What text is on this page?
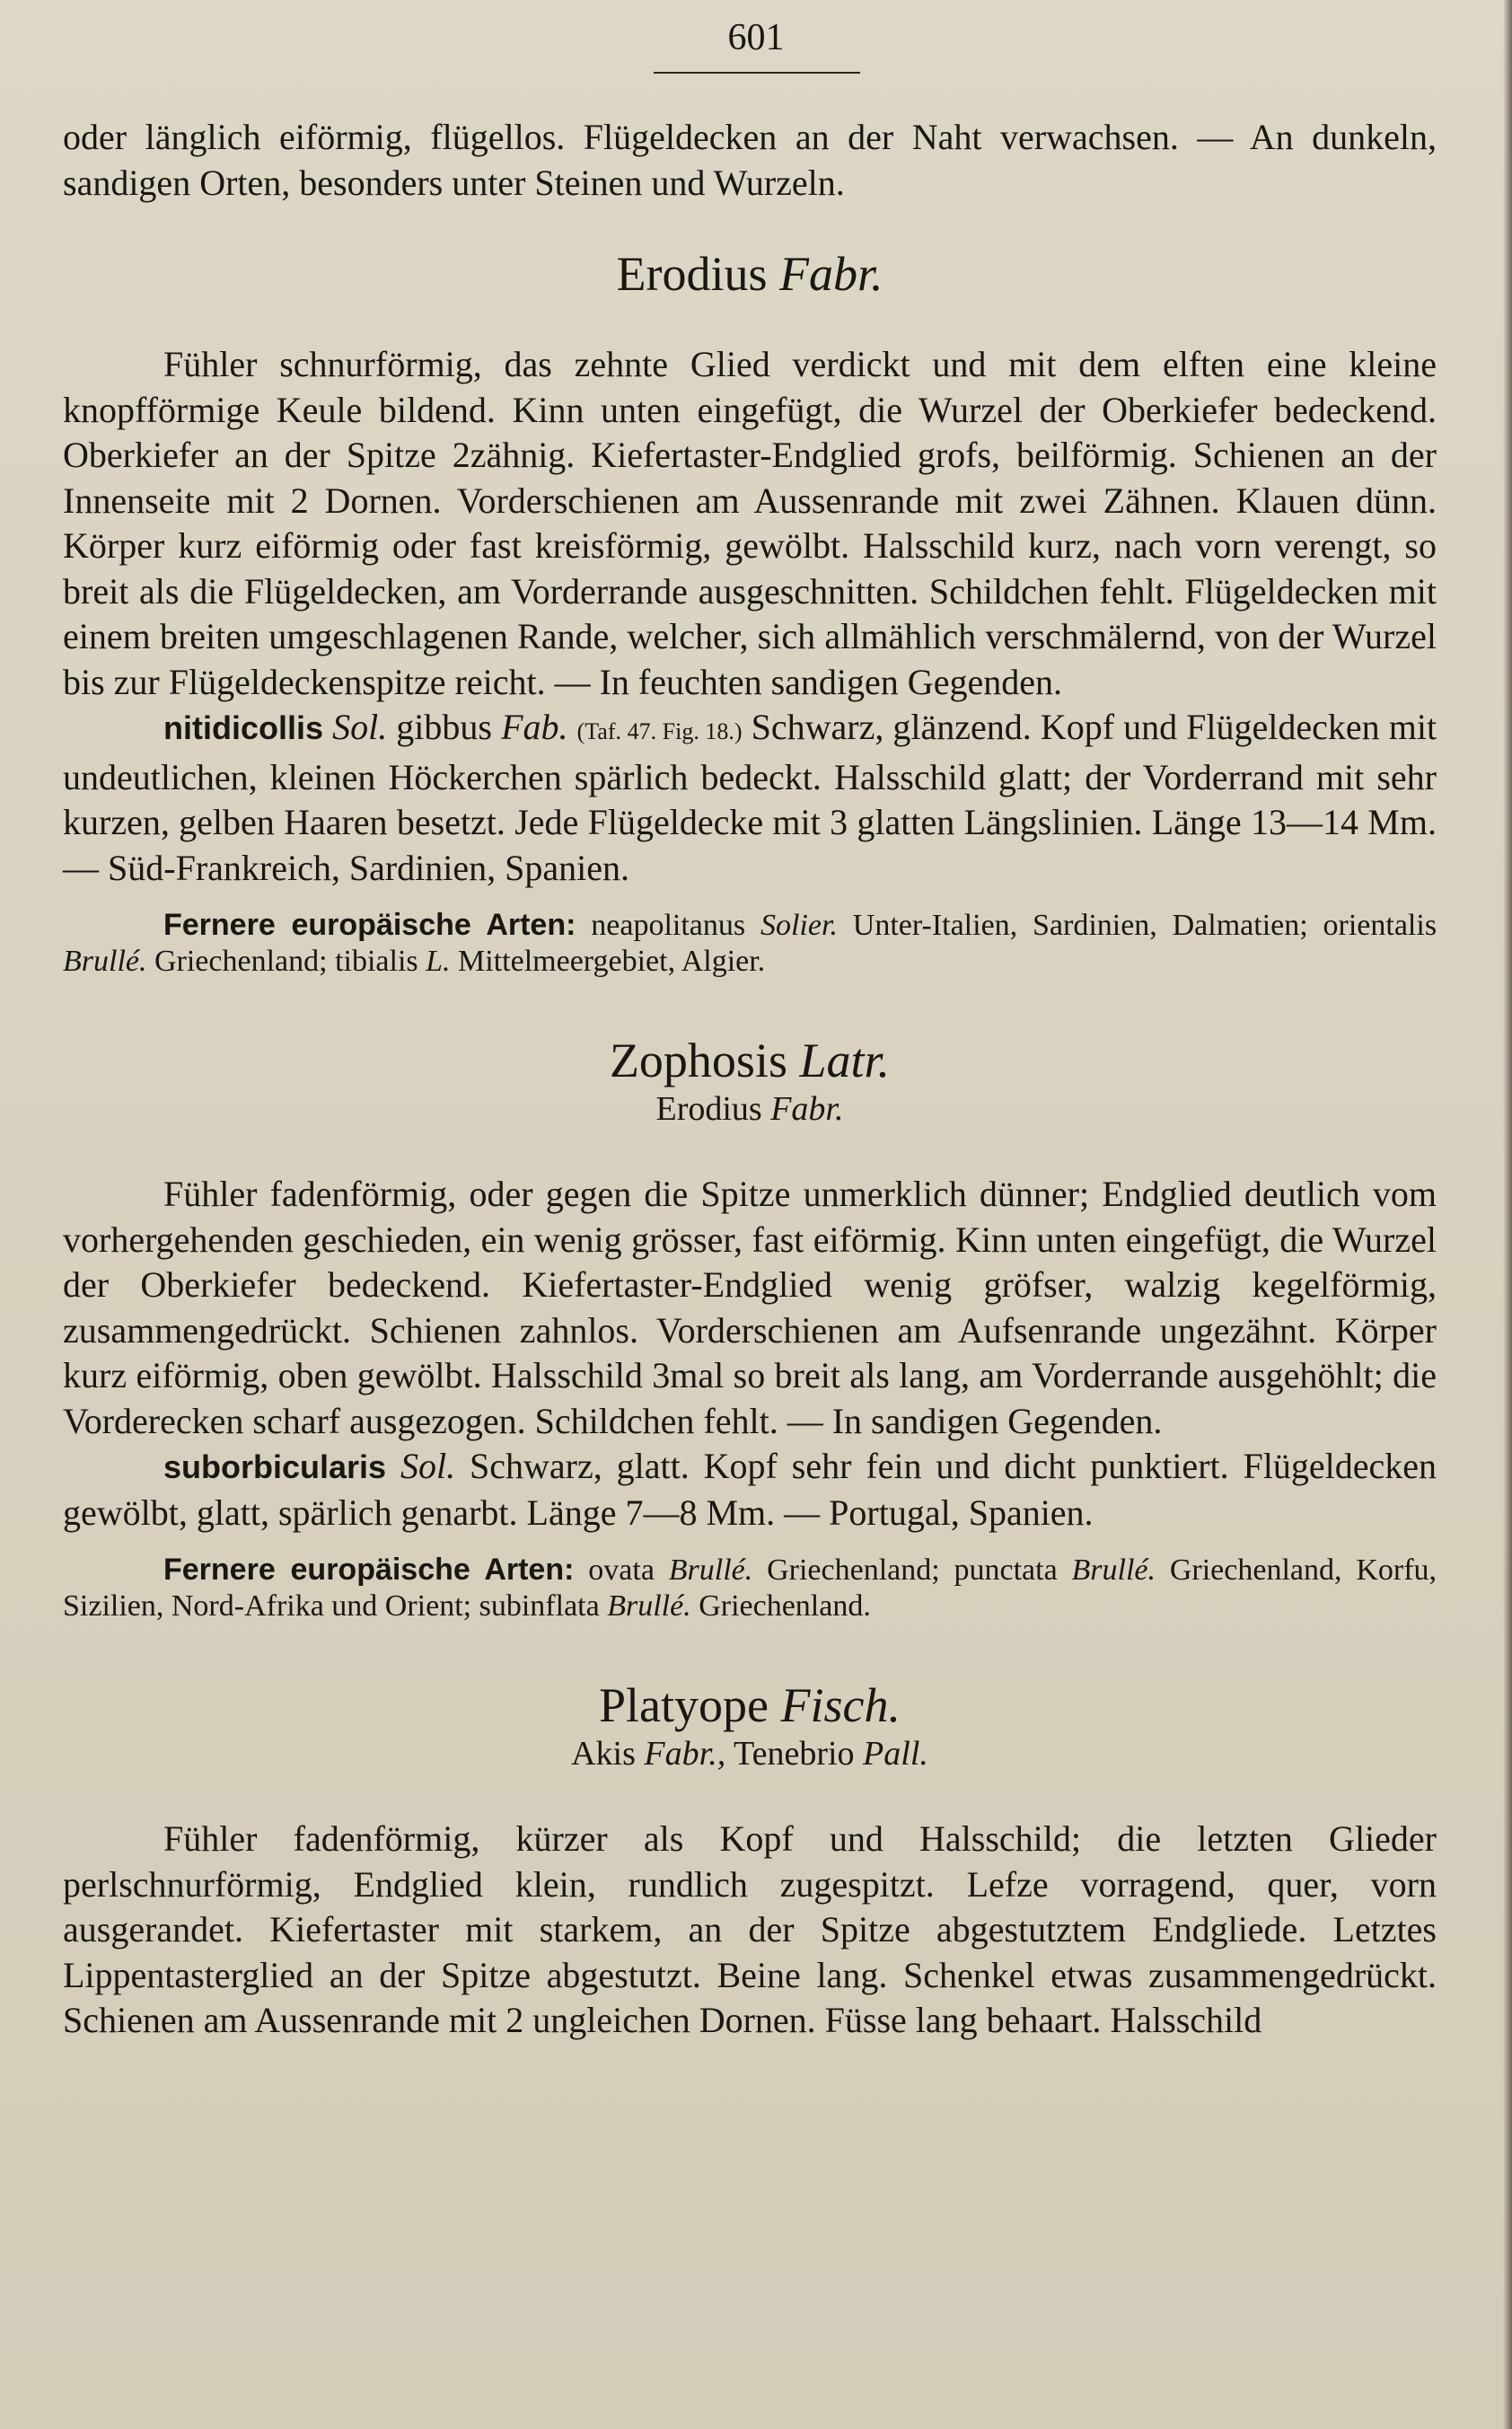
601

oder länglich eiförmig, flügellos. Flügeldecken an der Naht verwachsen. — An dunkeln, sandigen Orten, besonders unter Steinen und Wurzeln.

Erodius Fabr.

Fühler schnurförmig, das zehnte Glied verdickt und mit dem elften eine kleine knopfförmige Keule bildend. Kinn unten eingefügt, die Wurzel der Oberkiefer bedeckend. Oberkiefer an der Spitze 2zähnig. Kiefertaster-Endglied grofs, beilförmig. Schienen an der Innenseite mit 2 Dornen. Vorderschienen am Aussenrande mit zwei Zähnen. Klauen dünn. Körper kurz eiförmig oder fast kreisförmig, gewölbt. Halsschild kurz, nach vorn verengt, so breit als die Flügeldecken, am Vorderrande ausgeschnitten. Schildchen fehlt. Flügeldecken mit einem breiten umgeschlagenen Rande, welcher, sich allmählich verschmälernd, von der Wurzel bis zur Flügeldeckenspitze reicht. — In feuchten sandigen Gegenden.

nitidicollis Sol. gibbus Fab. (Taf. 47. Fig. 18.) Schwarz, glänzend. Kopf und Flügeldecken mit undeutlichen, kleinen Höckerchen spärlich bedeckt. Halsschild glatt; der Vorderrand mit sehr kurzen, gelben Haaren besetzt. Jede Flügeldecke mit 3 glatten Längslinien. Länge 13—14 Mm. — Süd-Frankreich, Sardinien, Spanien.

Fernere europäische Arten: neapolitanus Solier. Unter-Italien, Sardinien, Dalmatien; orientalis Brullé. Griechenland; tibialis L. Mittelmeergebiet, Algier.

Zophosis Latr.

Erodius Fabr.

Fühler fadenförmig, oder gegen die Spitze unmerklich dünner; Endglied deutlich vom vorhergehenden geschieden, ein wenig grösser, fast eiförmig. Kinn unten eingefügt, die Wurzel der Oberkiefer bedeckend. Kiefertaster-Endglied wenig gröfser, walzig kegelförmig, zusammengedrückt. Schienen zahnlos. Vorderschienen am Aufsenrande ungezähnt. Körper kurz eiförmig, oben gewölbt. Halsschild 3mal so breit als lang, am Vorderrande ausgehöhlt; die Vorderecken scharf ausgezogen. Schildchen fehlt. — In sandigen Gegenden.

suborbicularis Sol. Schwarz, glatt. Kopf sehr fein und dicht punktiert. Flügeldecken gewölbt, glatt, spärlich genarbt. Länge 7—8 Mm. — Portugal, Spanien.

Fernere europäische Arten: ovata Brullé. Griechenland; punctata Brullé. Griechenland, Korfu, Sizilien, Nord-Afrika und Orient; subinflata Brullé. Griechenland.

Platyope Fisch.

Akis Fabr., Tenebrio Pall.

Fühler fadenförmig, kürzer als Kopf und Halsschild; die letzten Glieder perlschnurförmig, Endglied klein, rundlich zugespitzt. Lefze vorragend, quer, vorn ausgerandet. Kiefertaster mit starkem, an der Spitze abgestutztem Endgliede. Letztes Lippentasterglied an der Spitze abgestutzt. Beine lang. Schenkel etwas zusammengedrückt. Schienen am Aussenrande mit 2 ungleichen Dornen. Füsse lang behaart. Halsschild
